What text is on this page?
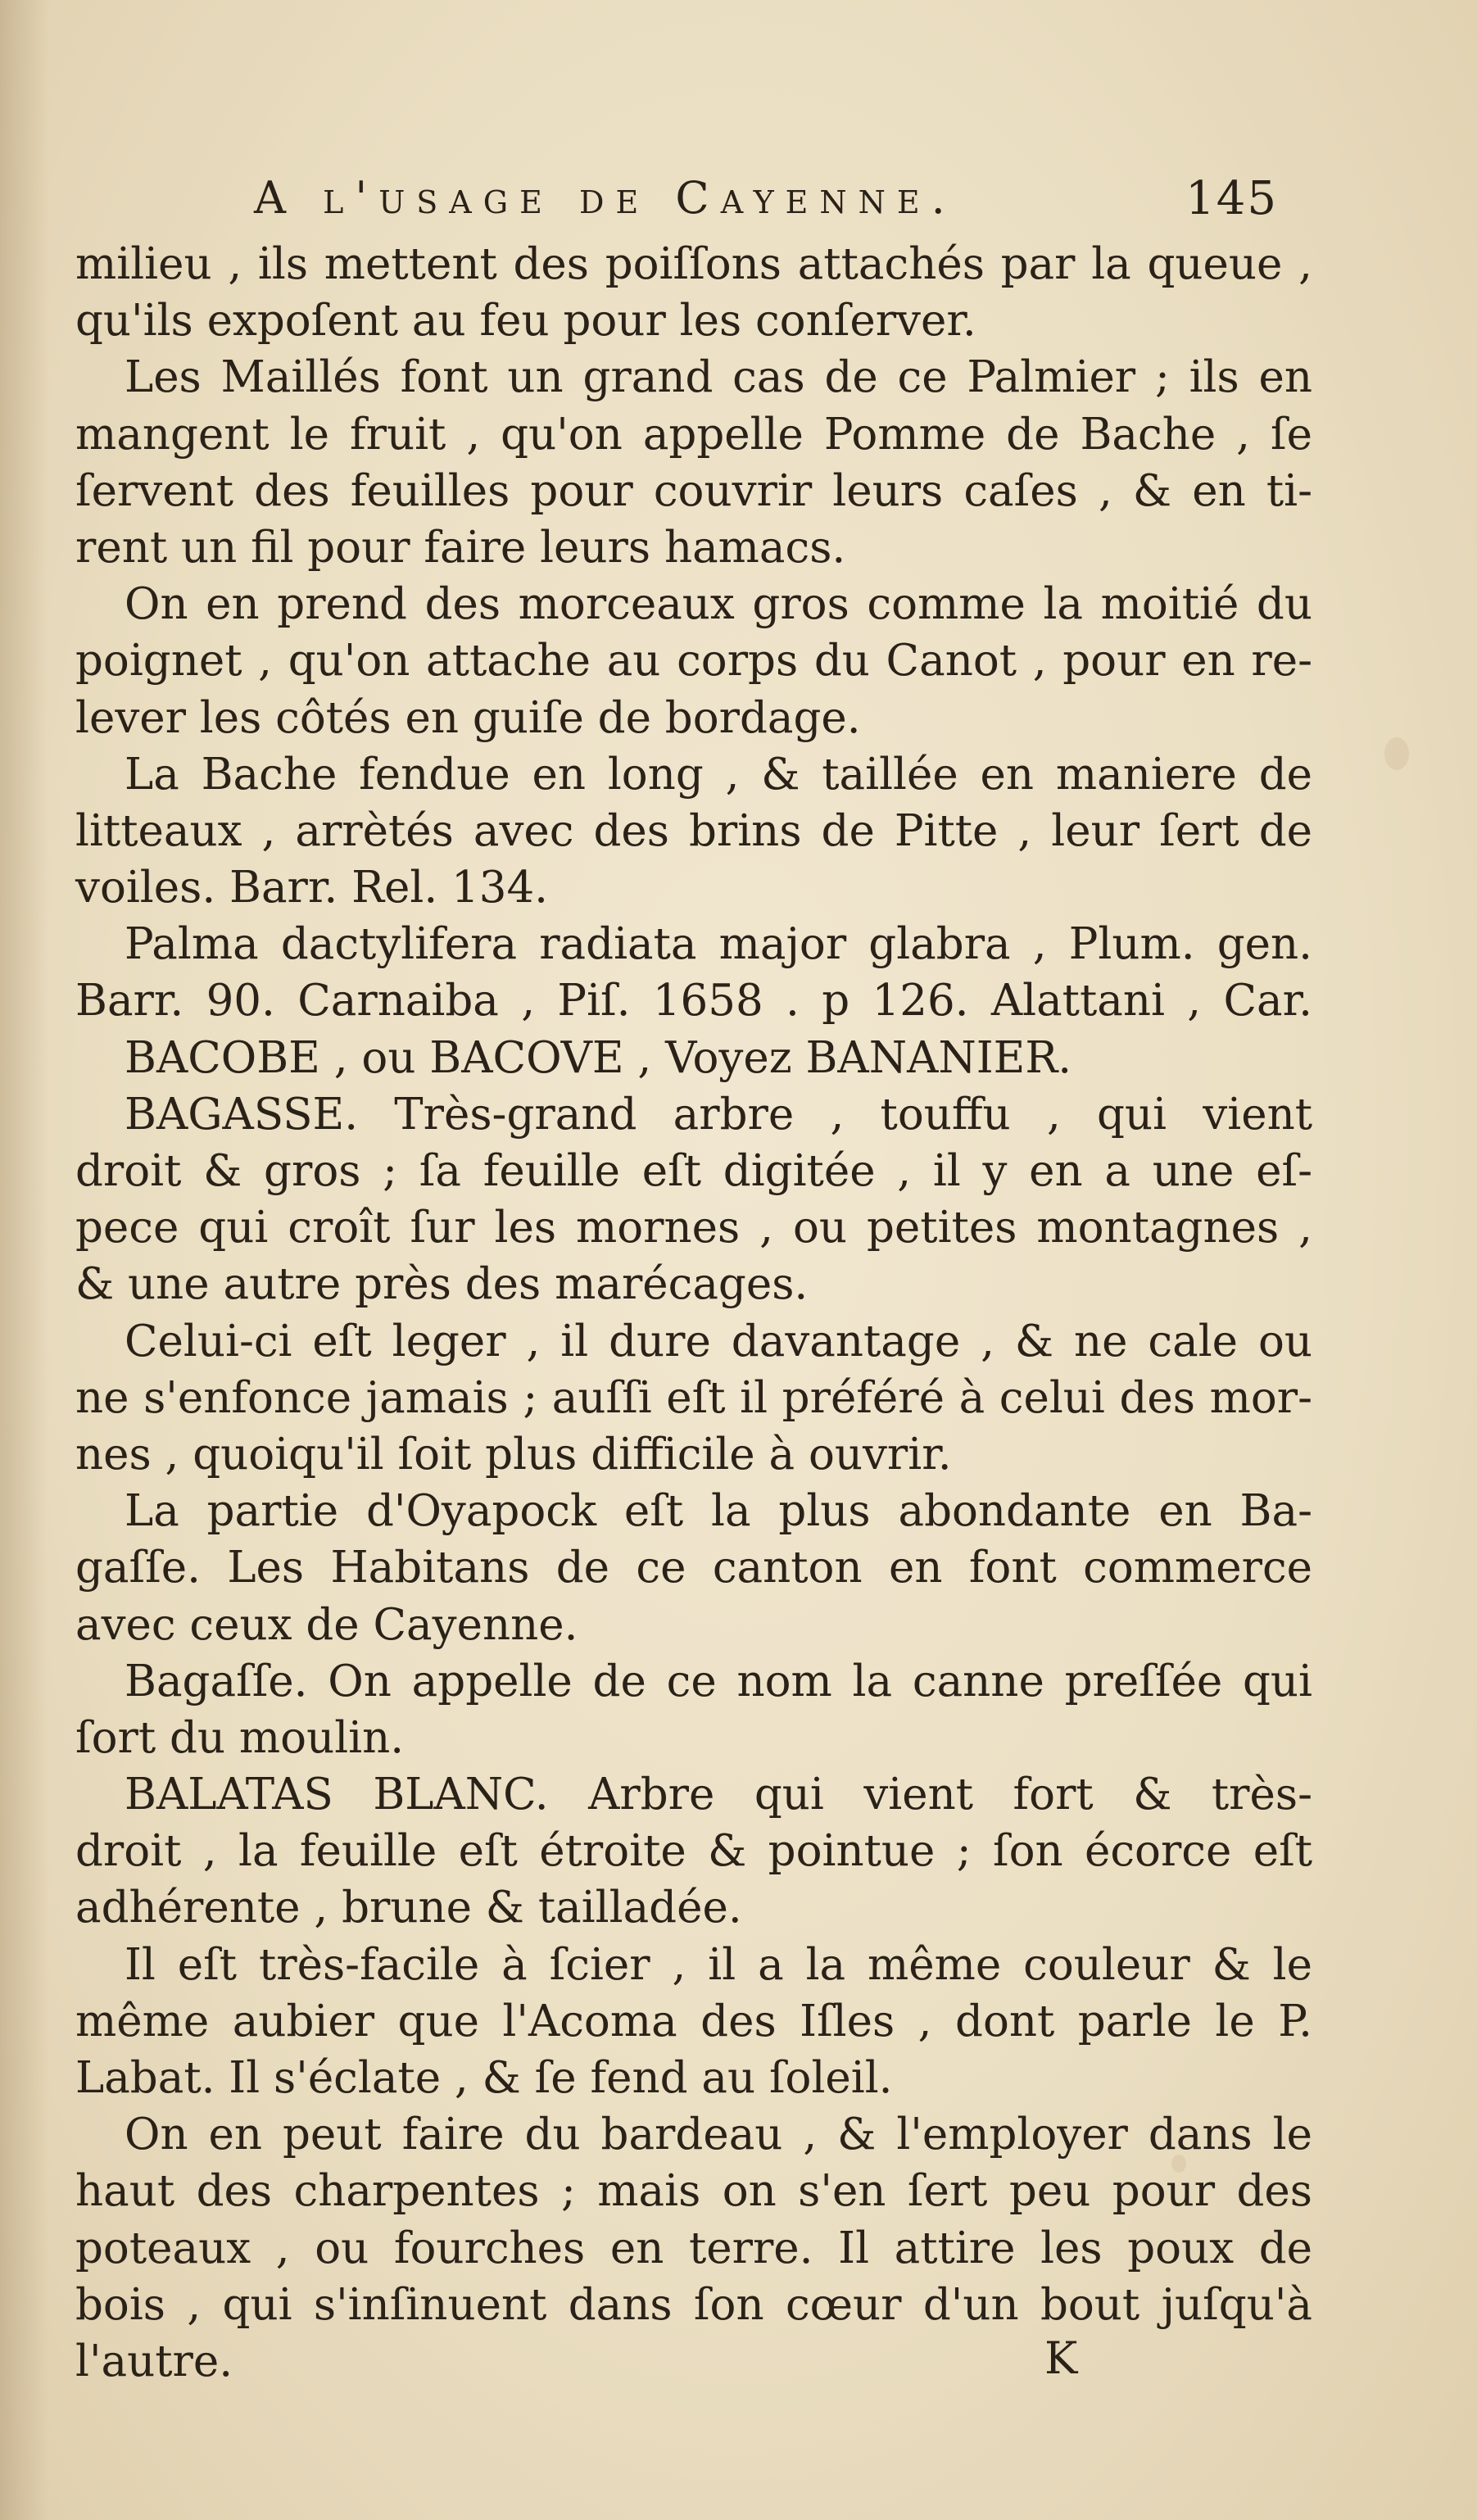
A l'usage de Cayenne.	145
milieu , ils mettent des poiſſons attachés par la queue ,
qu'ils expoſent au feu pour les conſerver.
Les Maillés font un grand cas de ce Palmier ; ils en
mangent le fruit , qu'on appelle Pomme de Bache , ſe
ſervent des feuilles pour couvrir leurs caſes , & en ti-
rent un fil pour faire leurs hamacs.
On en prend des morceaux gros comme la moitié du
poignet , qu'on attache au corps du Canot , pour en re-
lever les côtés en guiſe de bordage.
La Bache fendue en long , & taillée en maniere de
litteaux , arrètés avec des brins de Pitte , leur ſert de
voiles. Barr. Rel. 134.
Palma dactylifera radiata major glabra , Plum. gen.
Barr. 90. Carnaiba , Piſ. 1658 . p 126. Alattani , Car.
BACOBE , ou BACOVE , Voyez BANANIER.
BAGASSE. Très-grand arbre , touffu , qui vient
droit & gros ; ſa feuille eſt digitée , il y en a une eſ-
pece qui croît ſur les mornes , ou petites montagnes ,
& une autre près des marécages.
Celui-ci eſt leger , il dure davantage , & ne cale ou
ne s'enfonce jamais ; auſſi eſt il préféré à celui des mor-
nes , quoiqu'il ſoit plus difficile à ouvrir.
La partie d'Oyapock eſt la plus abondante en Ba-
gaſſe. Les Habitans de ce canton en font commerce
avec ceux de Cayenne.
Bagaſſe. On appelle de ce nom la canne preſſée qui
ſort du moulin.
BALATAS BLANC. Arbre qui vient fort & très-
droit , la feuille eſt étroite & pointue ; ſon écorce eſt
adhérente , brune & tailladée.
Il eſt très-facile à ſcier , il a la même couleur & le
même aubier que l'Acoma des Iſles , dont parle le P.
Labat. Il s'éclate , & ſe fend au ſoleil.
On en peut faire du bardeau , & l'employer dans le
haut des charpentes ; mais on s'en ſert peu pour des
poteaux , ou fourches en terre. Il attire les poux de
bois , qui s'inſinuent dans ſon cœur d'un bout juſqu'à
l'autre.	K
